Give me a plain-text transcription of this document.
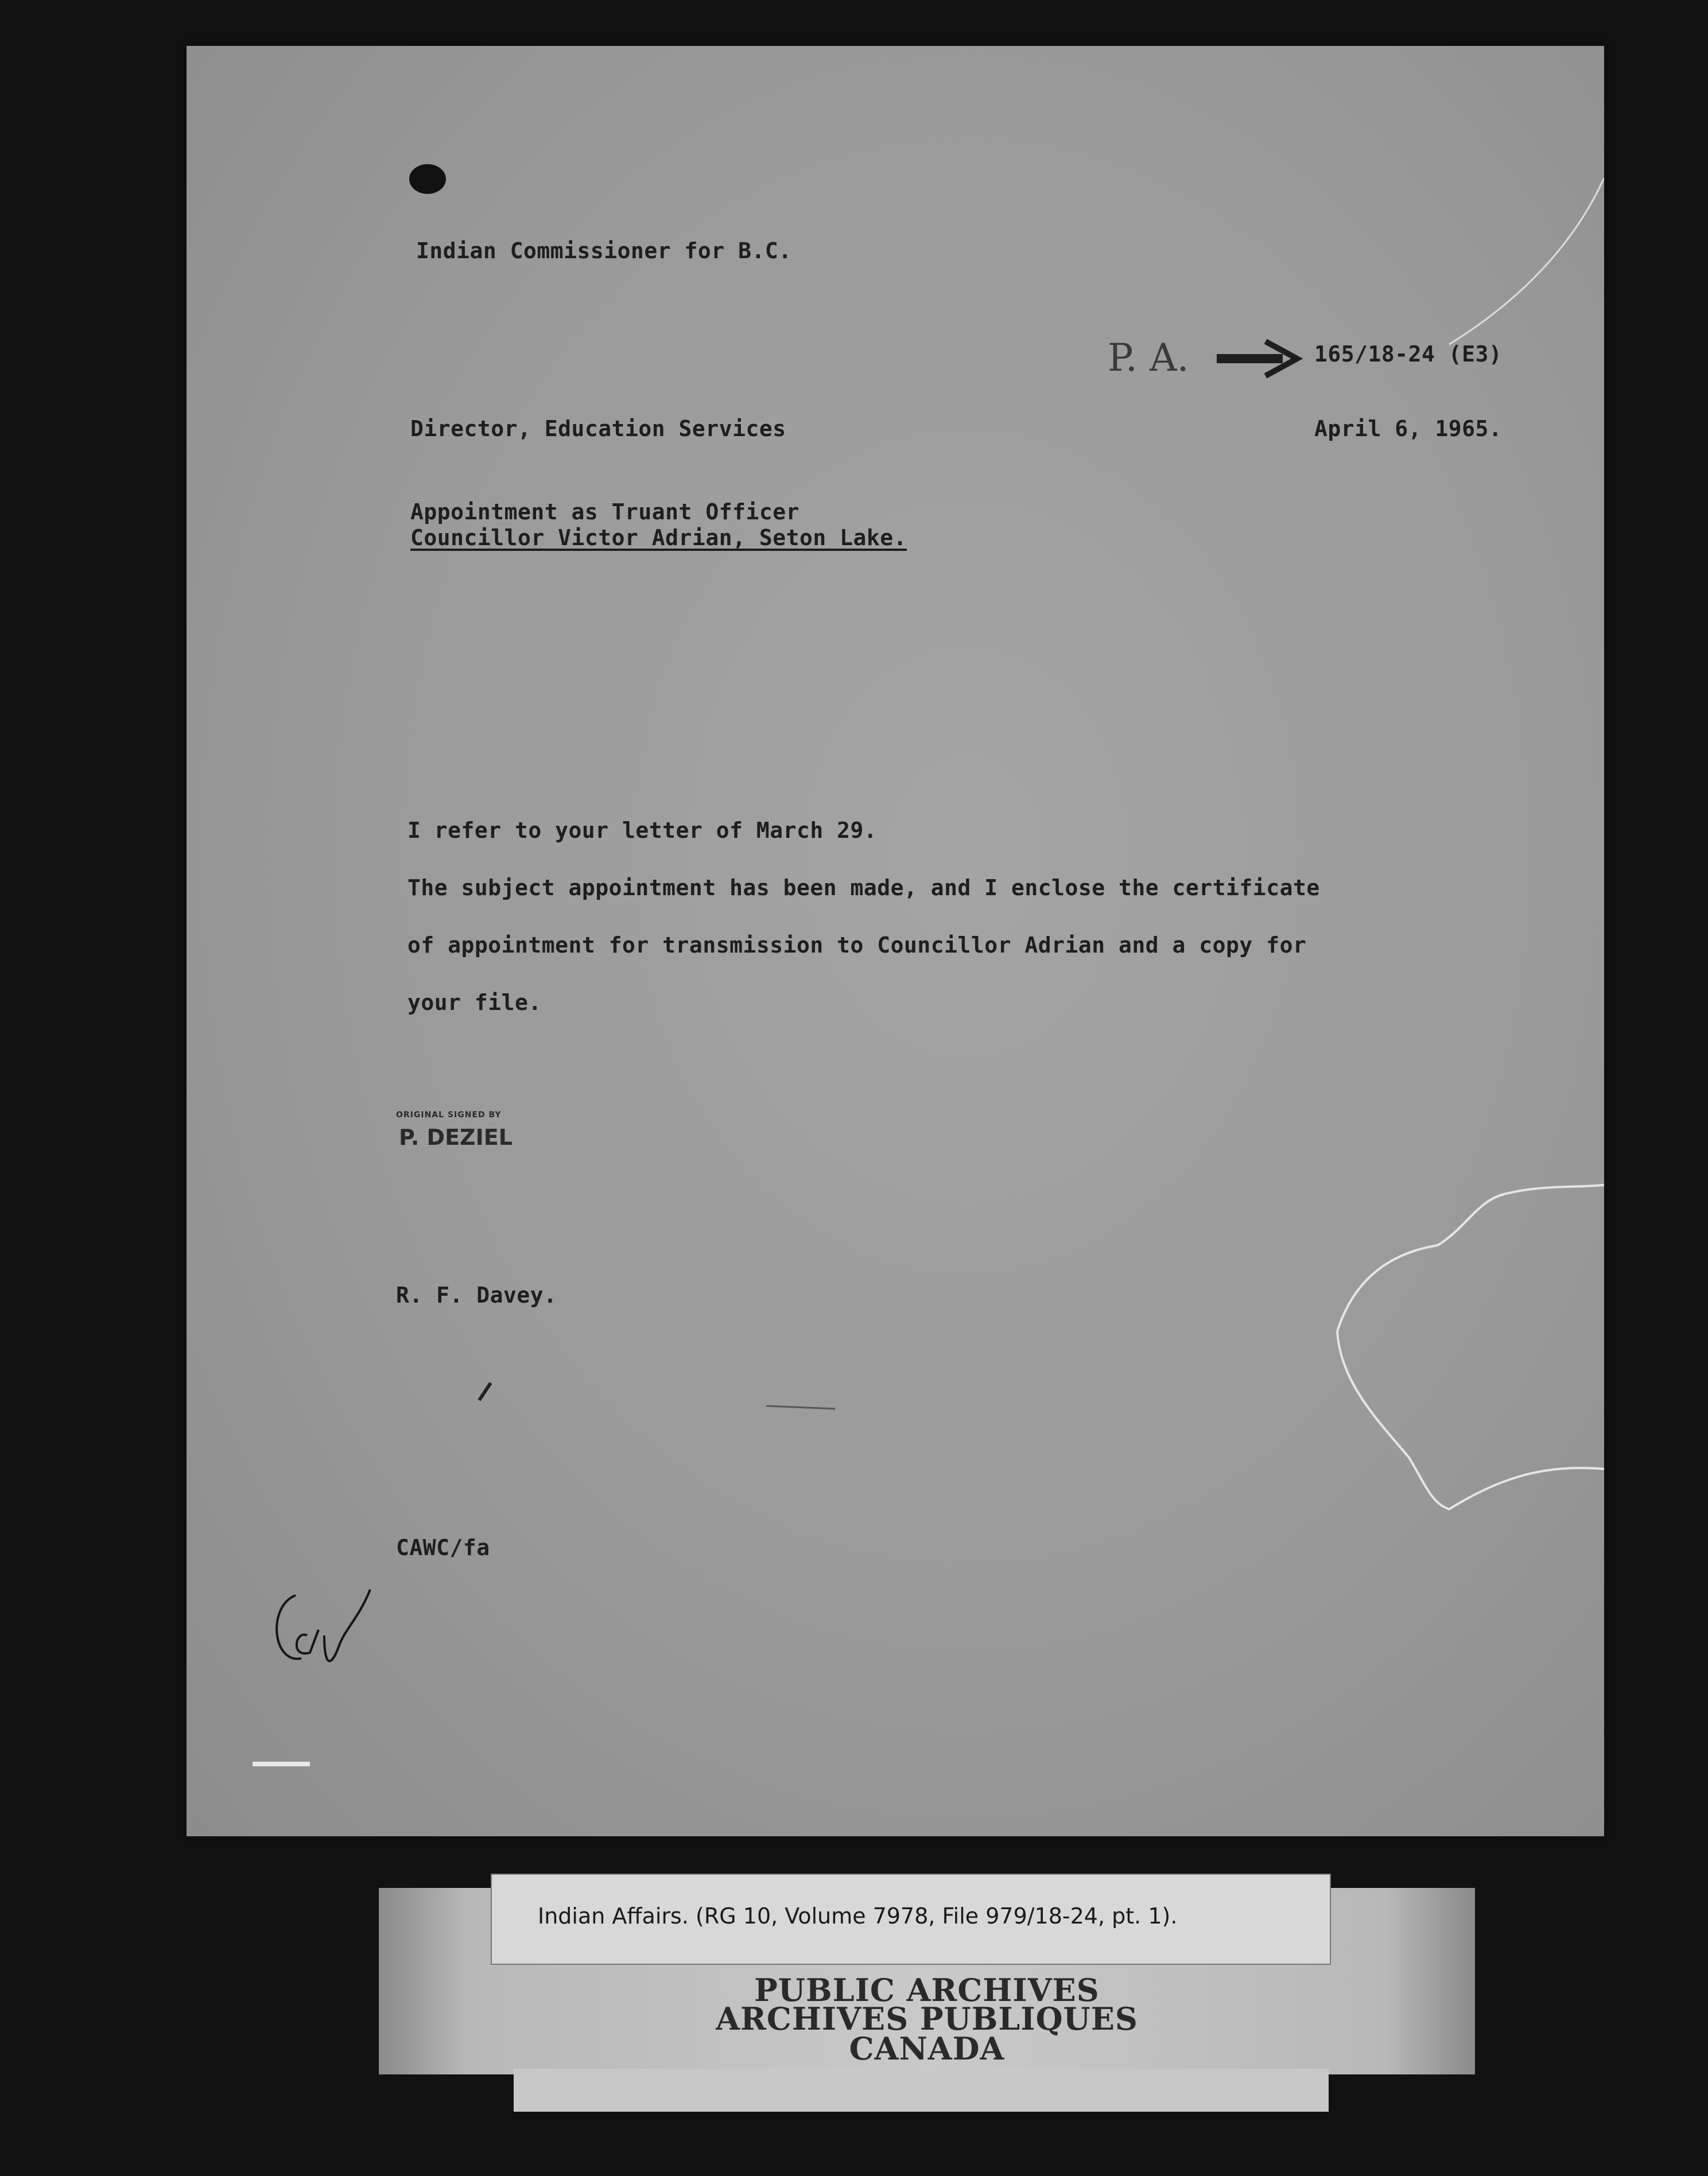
Indian Commissioner for B.C.
P. A.	165/18-24 (E3)
Director, Education Services	April 6, 1965.
Appointment as Truant Officer
Councillor Victor Adrian, Seton Lake.
I refer to your letter of March 29.
The subject appointment has been made, and I enclose the certificate
of appointment for transmission to Councillor Adrian and a copy for
your file.
ORIGINAL SIGNED BY
P. DEZIEL
R. F. Davey.
CAWC/fa
PUBLIC ARCHIVES
ARCHIVES PUBLIQUES
CANADA
Indian Affairs. (RG 10, Volume 7978, File 979/18-24, pt. 1).
